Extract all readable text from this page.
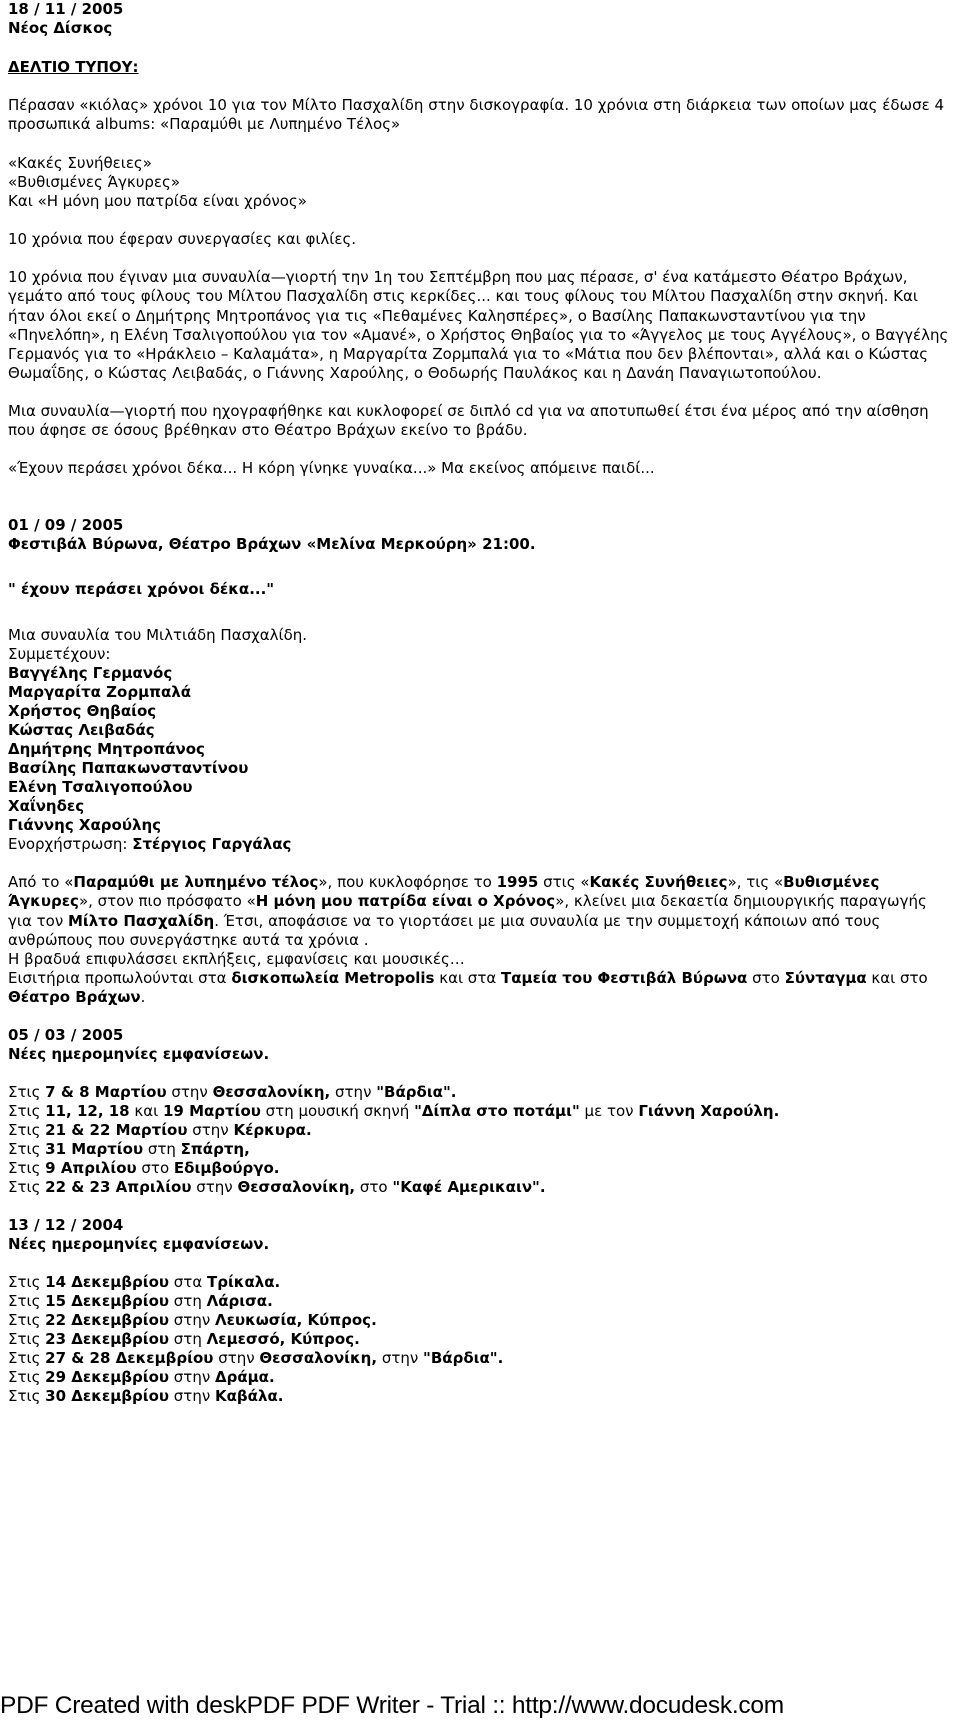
18 / 11 / 2005
Νέος Δίσκος
ΔΕΛΤΙΟ ΤΥΠΟΥ:
Πέρασαν «κιόλας» χρόνοι 10 για τον Μίλτο Πασχαλίδη στην δισκογραφία. 10 χρόνια στη διάρκεια των οποίων μας έδωσε 4 προσωπικά albums: «Παραμύθι με Λυπημένο Τέλος»
«Κακές Συνήθειες»
«Βυθισμένες Άγκυρες»
Και «Η μόνη μου πατρίδα είναι χρόνος»
10 χρόνια που έφεραν συνεργασίες και φιλίες.
10 χρόνια που έγιναν μια συναυλία—γιορτή την 1η του Σεπτέμβρη που μας πέρασε, σ' ένα κατάμεστο Θέατρο Βράχων, γεμάτο από τους φίλους του Μίλτου Πασχαλίδη στις κερκίδες... και τους φίλους του Μίλτου Πασχαλίδη στην σκηνή. Και ήταν όλοι εκεί ο Δημήτρης Μητροπάνος για τις «Πεθαμένες Καλησπέρες», ο Βασίλης Παπακωνσταντίνου για την «Πηνελόπη», η Ελένη Τσαλιγοπούλου για τον «Αμανέ», ο Χρήστος Θηβαίος για το «Άγγελος με τους Αγγέλους», ο Βαγγέλης Γερμανός για το «Ηράκλειο – Καλαμάτα», η Μαργαρίτα Ζορμπαλά για το «Μάτια που δεν βλέπονται», αλλά και ο Κώστας Θωμαΐδης, ο Κώστας Λειβαδάς, ο Γιάννης Χαρούλης, ο Θοδωρής Παυλάκος και η Δανάη Παναγιωτοπούλου.
Μια συναυλία—γιορτή που ηχογραφήθηκε και κυκλοφορεί σε διπλό cd για να αποτυπωθεί έτσι ένα μέρος από την αίσθηση που άφησε σε όσους βρέθηκαν στο Θέατρο Βράχων εκείνο το βράδυ.
«Έχουν περάσει χρόνοι δέκα... Η κόρη γίνηκε γυναίκα...» Μα εκείνος απόμεινε παιδί...
01 / 09 / 2005
Φεστιβάλ Βύρωνα, Θέατρο Βράχων «Μελίνα Μερκούρη» 21:00.
" έχουν περάσει χρόνοι δέκα..."
Μια συναυλία του Μιλτιάδη Πασχαλίδη.
Συμμετέχουν:
Βαγγέλης Γερμανός
Μαργαρίτα Ζορμπαλά
Χρήστος Θηβαίος
Κώστας Λειβαδάς
Δημήτρης Μητροπάνος
Βασίλης Παπακωνσταντίνου
Ελένη Τσαλιγοπούλου
Χαΐνηδες
Γιάννης Χαρούλης
Ενορχήστρωση: Στέργιος Γαργάλας
Από το «Παραμύθι με λυπημένο τέλος», που κυκλοφόρησε το 1995 στις «Κακές Συνήθειες», τις «Βυθισμένες Άγκυρες», στον πιο πρόσφατο «Η μόνη μου πατρίδα είναι ο Χρόνος», κλείνει μια δεκαετία δημιουργικής παραγωγής για τον Μίλτο Πασχαλίδη. Έτσι, αποφάσισε να το γιορτάσει με μια συναυλία με την συμμετοχή κάποιων από τους ανθρώπους που συνεργάστηκε αυτά τα χρόνια .
Η βραδυά επιφυλάσσει εκπλήξεις, εμφανίσεις και μουσικές…
Εισιτήρια προπωλούνται στα δισκοπωλεία Metropolis και στα Ταμεία του Φεστιβάλ Βύρωνα στο Σύνταγμα και στο Θέατρο Βράχων.
05 / 03 / 2005
Νέες ημερομηνίες εμφανίσεων.
Στις 7 & 8 Μαρτίου στην Θεσσαλονίκη, στην "Βάρδια".
Στις 11, 12, 18 και 19 Μαρτίου στη μουσική σκηνή "Δίπλα στο ποτάμι" με τον Γιάννη Χαρούλη.
Στις 21 & 22 Μαρτίου στην Κέρκυρα.
Στις 31 Μαρτίου στη Σπάρτη,
Στις 9 Απριλίου στο Εδιμβούργο.
Στις 22 & 23 Απριλίου στην Θεσσαλονίκη, στο "Καφέ Αμερικαιν".
13 / 12 / 2004
Νέες ημερομηνίες εμφανίσεων.
Στις 14 Δεκεμβρίου στα Τρίκαλα.
Στις 15 Δεκεμβρίου στη Λάρισα.
Στις 22 Δεκεμβρίου στην Λευκωσία, Κύπρος.
Στις 23 Δεκεμβρίου στη Λεμεσσό, Κύπρος.
Στις 27 & 28 Δεκεμβρίου στην Θεσσαλονίκη, στην "Βάρδια".
Στις 29 Δεκεμβρίου στην Δράμα.
Στις 30 Δεκεμβρίου στην Καβάλα.
PDF Created with deskPDF PDF Writer - Trial :: http://www.docudesk.com
